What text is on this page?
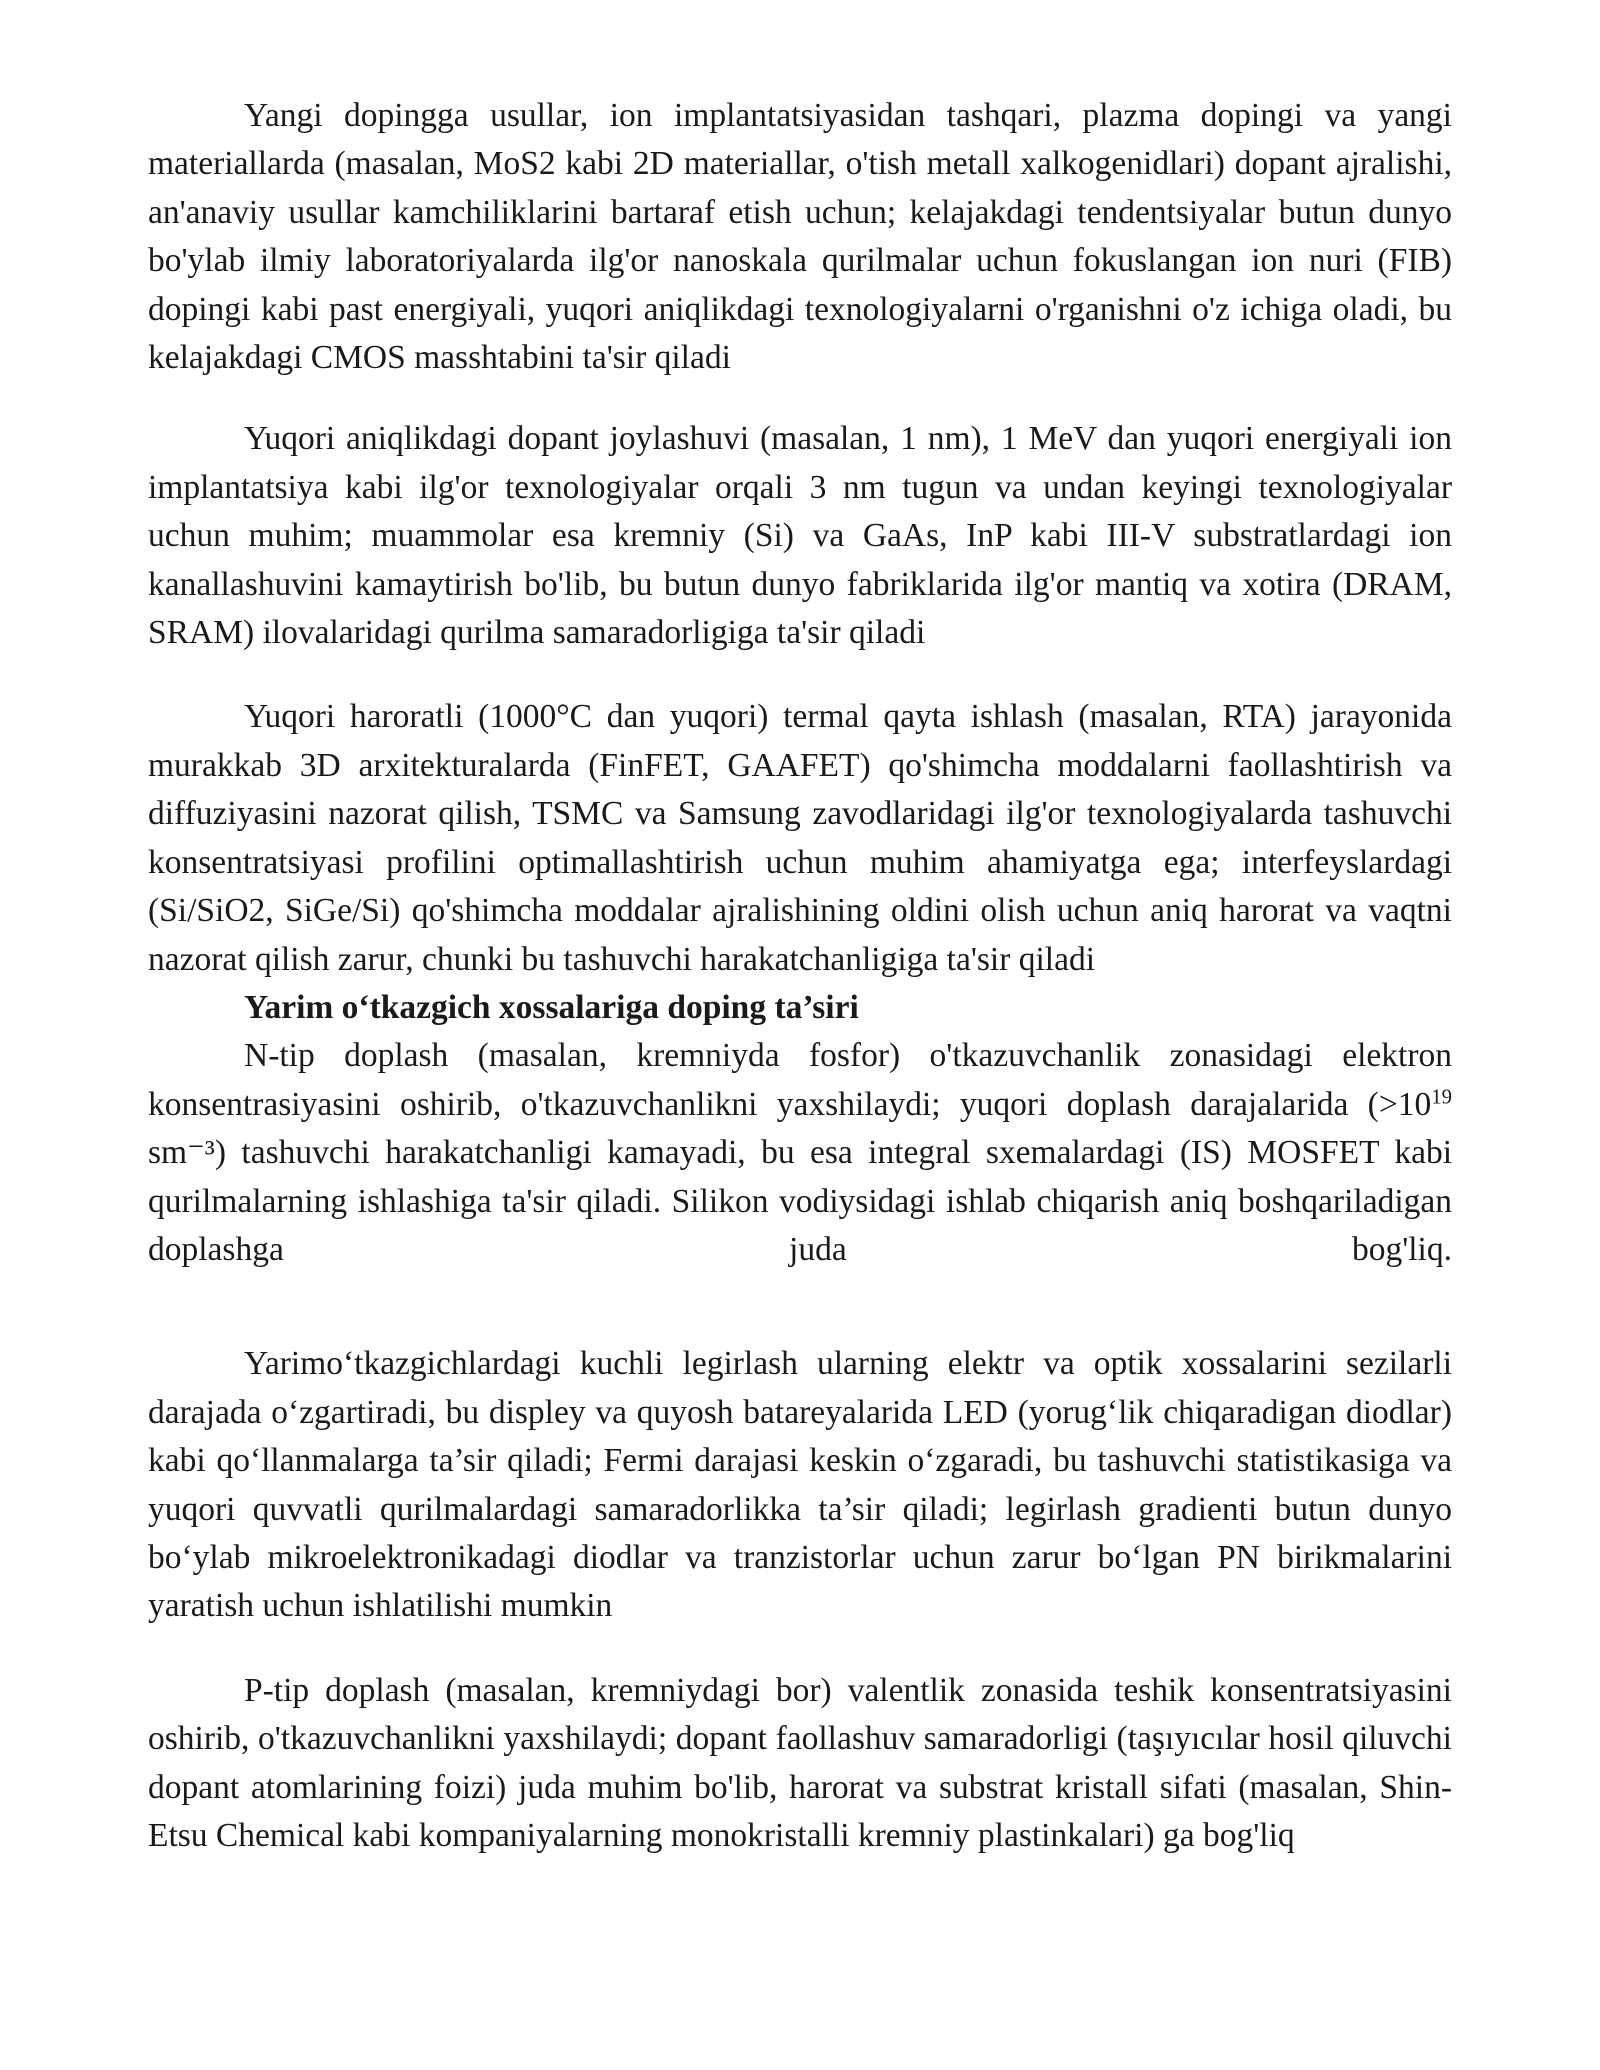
Yangi dopingga usullar, ion implantatsiyasidan tashqari, plazma dopingi va yangi materiallarda (masalan, MoS2 kabi 2D materiallar, o'tish metall xalkogenidlari) dopant ajralishi, an'anaviy usullar kamchiliklarini bartaraf etish uchun; kelajakdagi tendentsiyalar butun dunyo bo'ylab ilmiy laboratoriyalarda ilg'or nanoskala qurilmalar uchun fokuslangan ion nuri (FIB) dopingi kabi past energiyali, yuqori aniqlikdagi texnologiyalarni o'rganishni o'z ichiga oladi, bu kelajakdagi CMOS masshtabini ta'sir qiladi

Yuqori aniqlikdagi dopant joylashuvi (masalan, 1 nm), 1 MeV dan yuqori energiyali ion implantatsiya kabi ilg'or texnologiyalar orqali 3 nm tugun va undan keyingi texnologiyalar uchun muhim; muammolar esa kremniy (Si) va GaAs, InP kabi III-V substratlardagi ion kanallashuvini kamaytirish bo'lib, bu butun dunyo fabriklarida ilg'or mantiq va xotira (DRAM, SRAM) ilovalaridagi qurilma samaradorligiga ta'sir qiladi

Yuqori haroratli (1000°C dan yuqori) termal qayta ishlash (masalan, RTA) jarayonida murakkab 3D arxitekturalarda (FinFET, GAAFET) qo'shimcha moddalarni faollashtirish va diffuziyasini nazorat qilish, TSMC va Samsung zavodlaridagi ilg'or texnologiyalarda tashuvchi konsentratsiyasi profilini optimallashtirish uchun muhim ahamiyatga ega; interfeyslardagi (Si/SiO2, SiGe/Si) qo'shimcha moddalar ajralishining oldini olish uchun aniq harorat va vaqtni nazorat qilish zarur, chunki bu tashuvchi harakatchanligiga ta'sir qiladi

Yarim o‘tkazgich xossalariga doping ta’siri

N-tip doplash (masalan, kremniyda fosfor) o'tkazuvchanlik zonasidagi elektron konsentrasiyasini oshirib, o'tkazuvchanlikni yaxshilaydi; yuqori doplash darajalarida ($>10^{19}$ sm⁻³) tashuvchi harakatchanligi kamayadi, bu esa integral sxemalardagi (IS) MOSFET kabi qurilmalarning ishlashiga ta'sir qiladi. Silikon vodiysidagi ishlab chiqarish aniq boshqariladigan doplashga juda bog'liq.

Yarimo‘tkazgichlardagi kuchli legirlash ularning elektr va optik xossalarini sezilarli darajada o‘zgartiradi, bu displey va quyosh batareyalarida LED (yorug‘lik chiqaradigan diodlar) kabi qo‘llanmalarga ta’sir qiladi; Fermi darajasi keskin o‘zgaradi, bu tashuvchi statistikasiga va yuqori quvvatli qurilmalardagi samaradorlikka ta’sir qiladi; legirlash gradienti butun dunyo bo‘ylab mikroelektronikadagi diodlar va tranzistorlar uchun zarur bo‘lgan PN birikmalarini yaratish uchun ishlatilishi mumkin

P-tip doplash (masalan, kremniydagi bor) valentlik zonasida teshik konsentratsiyasini oshirib, o'tkazuvchanlikni yaxshilaydi; dopant faollashuv samaradorligi (taşıyıcılar hosil qiluvchi dopant atomlarining foizi) juda muhim bo'lib, harorat va substrat kristall sifati (masalan, Shin-Etsu Chemical kabi kompaniyalarning monokristalli kremniy plastinkalari) ga bog'liq
